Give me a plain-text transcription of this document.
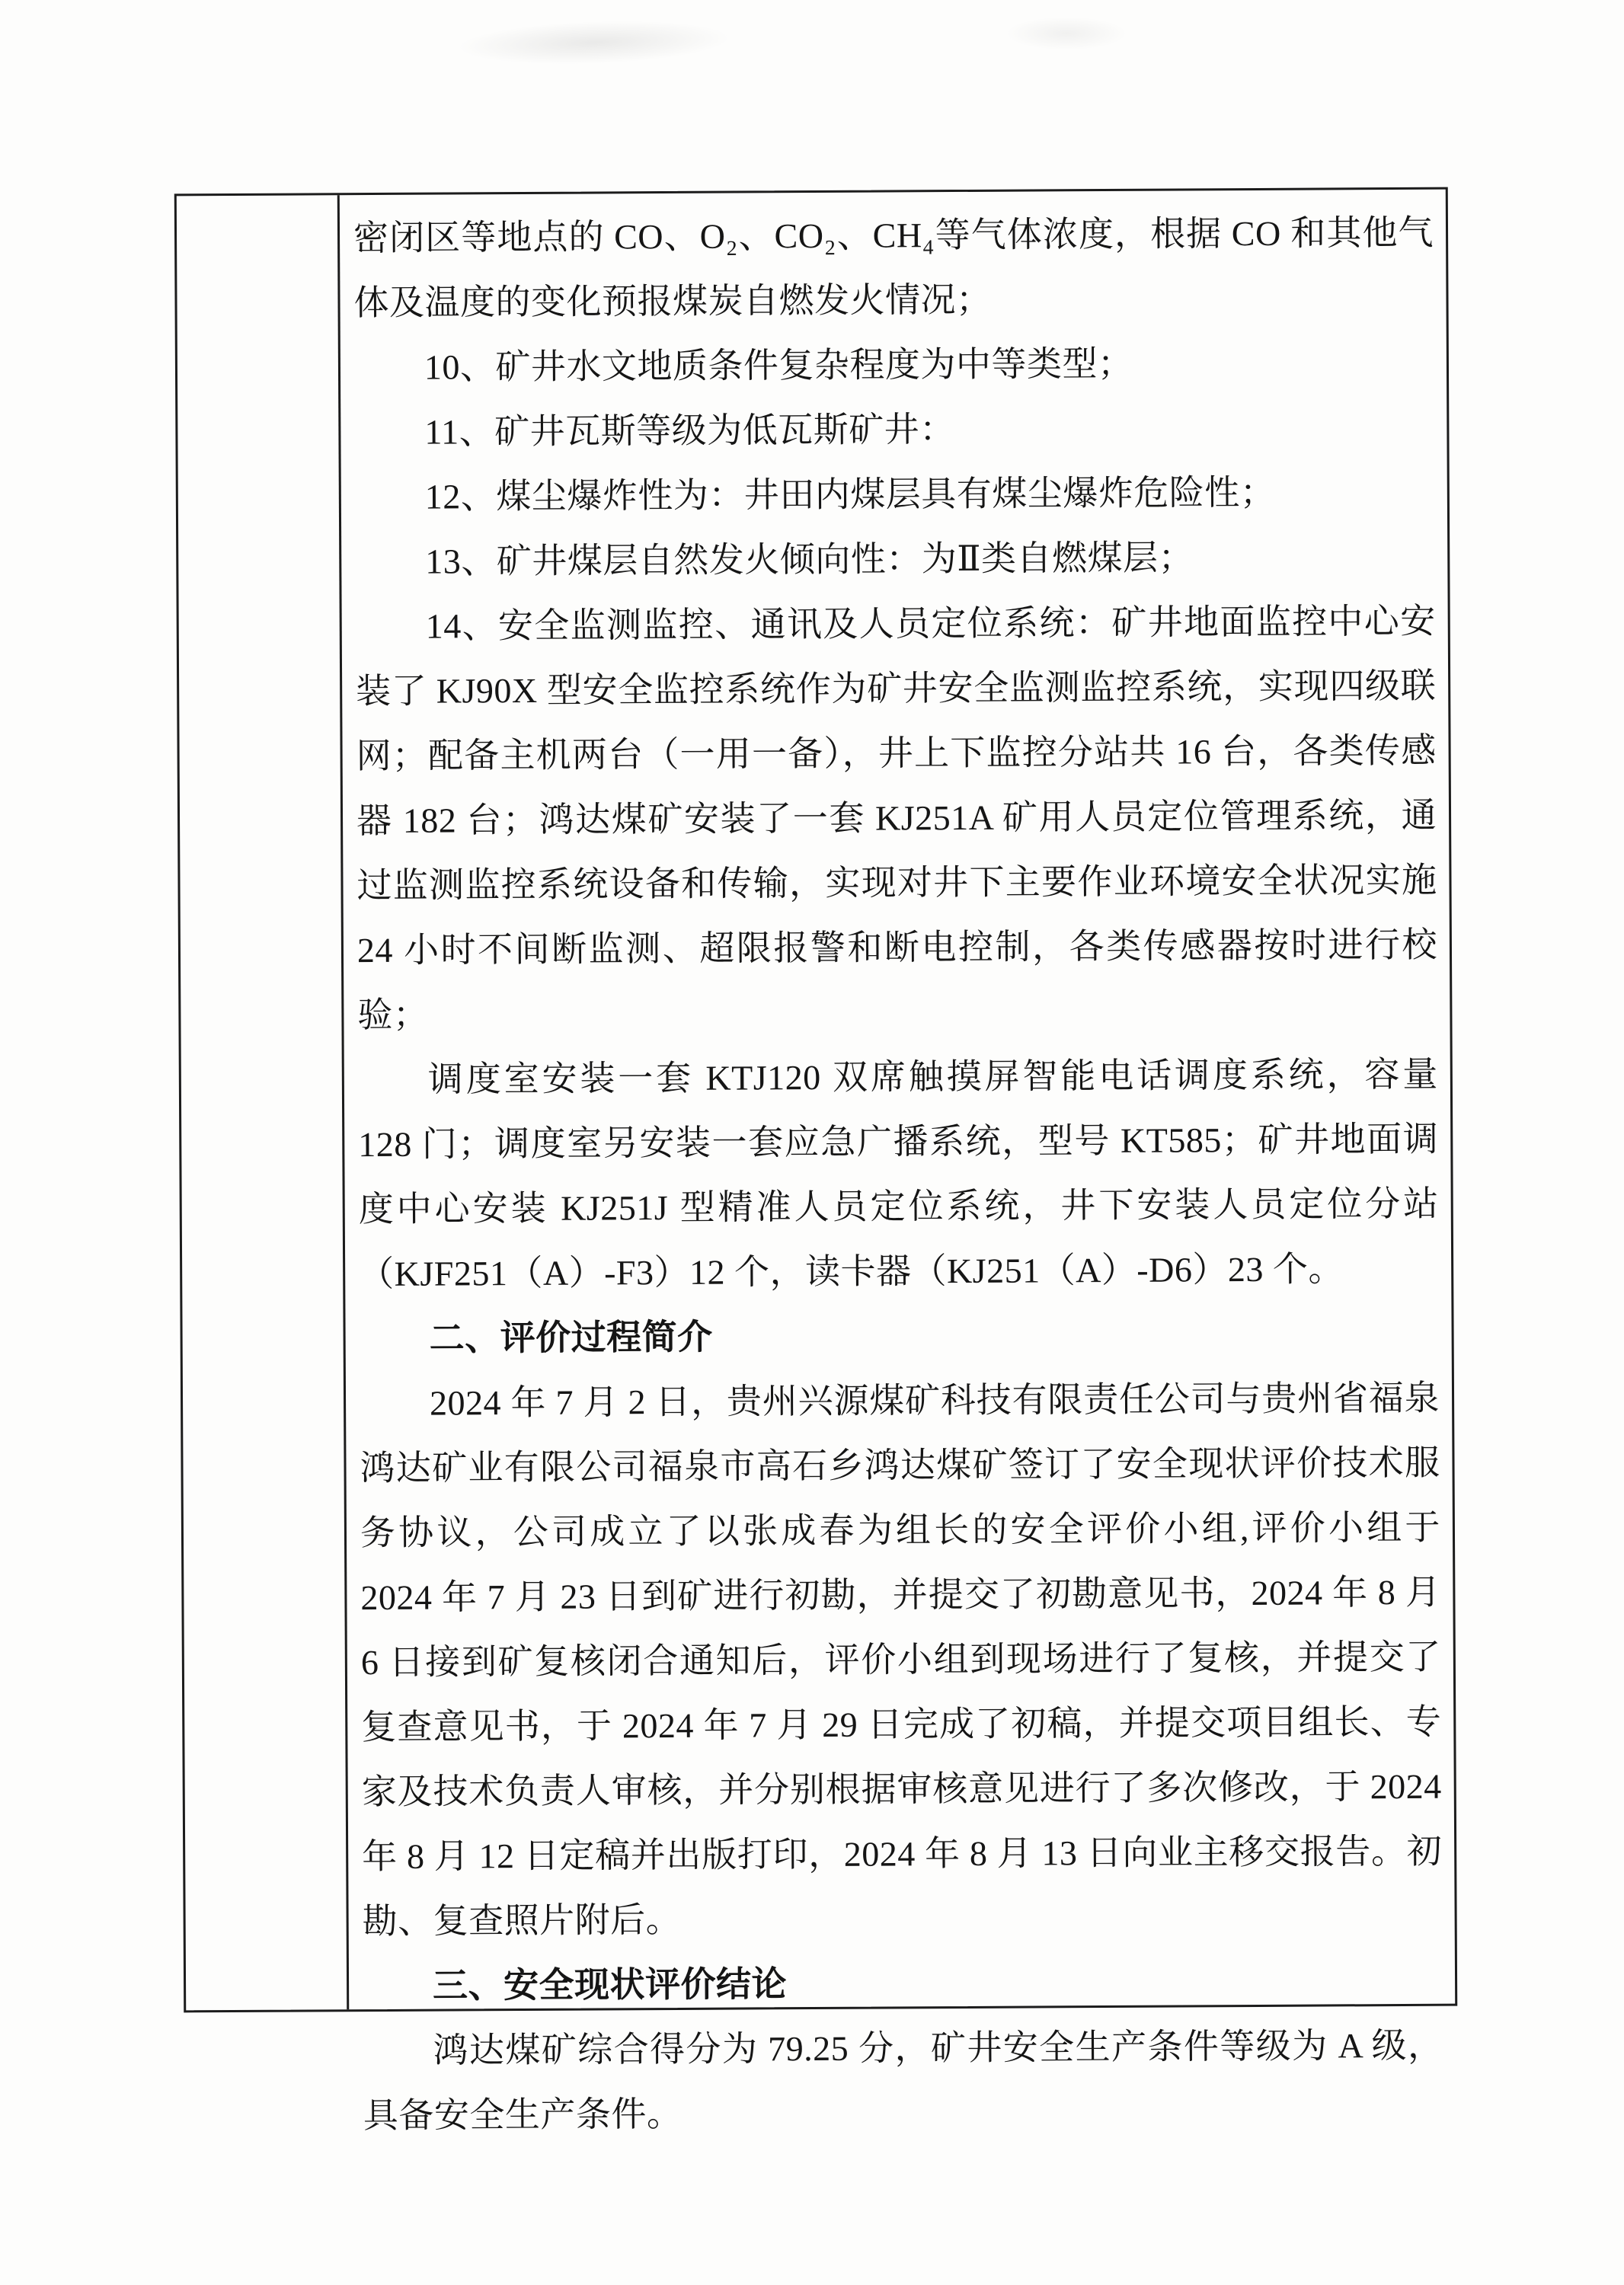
密闭区等地点的 CO、O₂、CO₂、CH₄等气体浓度，根据 CO 和其他气体及温度的变化预报煤炭自燃发火情况；

10、矿井水文地质条件复杂程度为中等类型；

11、矿井瓦斯等级为低瓦斯矿井：

12、煤尘爆炸性为：井田内煤层具有煤尘爆炸危险性；

13、矿井煤层自然发火倾向性：为Ⅱ类自燃煤层；

14、安全监测监控、通讯及人员定位系统：矿井地面监控中心安装了 KJ90X 型安全监控系统作为矿井安全监测监控系统，实现四级联网；配备主机两台（一用一备），井上下监控分站共 16 台，各类传感器 182 台；鸿达煤矿安装了一套 KJ251A 矿用人员定位管理系统，通过监测监控系统设备和传输，实现对井下主要作业环境安全状况实施 24 小时不间断监测、超限报警和断电控制，各类传感器按时进行校验；

调度室安装一套 KTJ120 双席触摸屏智能电话调度系统，容量 128 门；调度室另安装一套应急广播系统，型号 KT585；矿井地面调度中心安装 KJ251J 型精准人员定位系统，井下安装人员定位分站（KJF251（A）-F3）12 个，读卡器（KJ251（A）-D6）23 个。

二、评价过程简介

2024 年 7 月 2 日，贵州兴源煤矿科技有限责任公司与贵州省福泉鸿达矿业有限公司福泉市高石乡鸿达煤矿签订了安全现状评价技术服务协议，公司成立了以张成春为组长的安全评价小组,评价小组于 2024 年 7 月 23 日到矿进行初勘，并提交了初勘意见书，2024 年 8 月 6 日接到矿复核闭合通知后，评价小组到现场进行了复核，并提交了复查意见书，于 2024 年 7 月 29 日完成了初稿，并提交项目组长、专家及技术负责人审核，并分别根据审核意见进行了多次修改，于 2024 年 8 月 12 日定稿并出版打印，2024 年 8 月 13 日向业主移交报告。初勘、复查照片附后。

三、安全现状评价结论

鸿达煤矿综合得分为 79.25 分，矿井安全生产条件等级为 A 级，具备安全生产条件。
